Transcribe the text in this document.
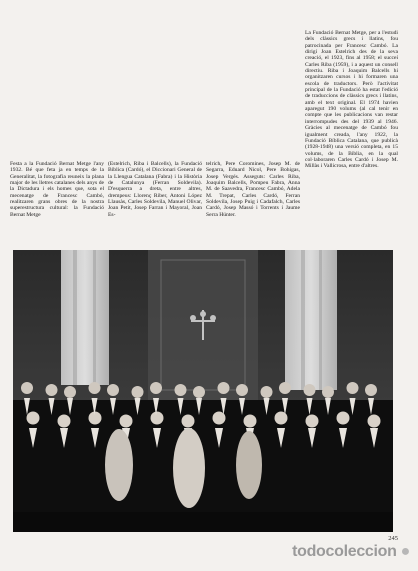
La Fundació Bernat Metge, per a l'estudi dels clàssics grecs i llatins, fou patrocinada per Francesc Cambó. La dirigí Joan Estelrich des de la seva creació, el 1923, fins al 1958; el succeí Carles Riba (1959), i a aquest un consell directiu. Riba i Joaquim Balcells hi organitzaren cursos i hi formaren una escola de traductors. Però l'activitat principal de la Fundació ha estat l'edició de traduccions de clàssics grecs i llatins, amb el text original. El 1974 havien aparegut 190 volums (al cal tenir en compte que les publicacions van restar interrompudes des del 1939 al 1946. Gràcies al mecenatge de Cambó fou igualment creada, l'any 1922, la Fundació Bíblica Catalana, que publicà (1928-1948) una versió completa, en 15 volums, de la Bíblia, en la qual col·laboraren Carles Cardó i Josep M. Millàs i Vallicrosa, entre d'altres.
Festa a la Fundació Bernat Metge l'any 1932. Bé que feta ja en temps de la Generalitat, la fotografia reuneix la plana major de les lletres catalanes dels anys de la Dictadura i els homes que, sota el mecenatge de Francesc Cambó, realitzaren grans obres de la nostra superestructura cultural: la Fundació Bernat Metge
(Estelrich, Riba i Balcells), la Fundació Bíblica (Cardó), el Diccionari General de la Llengua Catalana (Fabra) i la Història de Catalunya (Ferran Soldevila). D'esquerra a dreta, entre altres, drempeus: Llorenç Riber, Antoni López Llausàs, Carles Soldevila, Manuel Olivar, Joan Petit, Josep Farran i Mayoral, Joan Es-
telrich, Pere Coromines, Josep M. de Segarra, Eduard Nicol, Pere Bohigas, Josep Vergés. Asseguts: Carles Riba, Joaquim Balcells, Pompeu Fabra, Anna M. de Saavedra, Francesc Cambó, Adela M. Trepat, Carles Cardó, Ferran Soldevila, Josep Puig i Cadafalch, Carles Cardó, Josep Massó i Torrents i Jaume Serra Húnter.
245
todocoleccion ●
